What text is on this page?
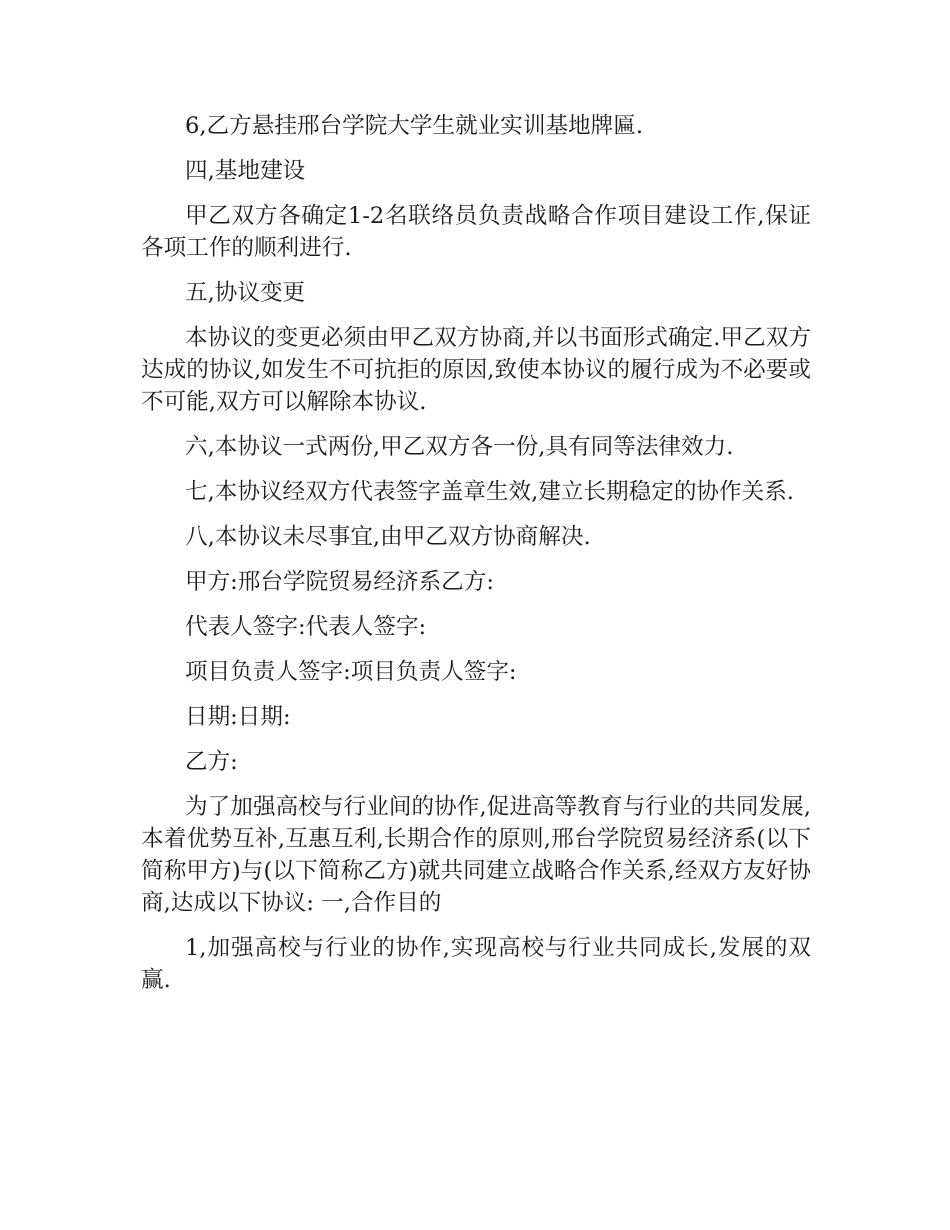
6,乙方悬挂邢台学院大学生就业实训基地牌匾.

四,基地建设

甲乙双方各确定1-2名联络员负责战略合作项目建设工作,保证各项工作的顺利进行.

五,协议变更

本协议的变更必须由甲乙双方协商,并以书面形式确定.甲乙双方达成的协议,如发生不可抗拒的原因,致使本协议的履行成为不必要或不可能,双方可以解除本协议.

六,本协议一式两份,甲乙双方各一份,具有同等法律效力.

七,本协议经双方代表签字盖章生效,建立长期稳定的协作关系.

八,本协议未尽事宜,由甲乙双方协商解决.

甲方:邢台学院贸易经济系乙方:

代表人签字:代表人签字:

项目负责人签字:项目负责人签字:

日期:日期:

乙方:

为了加强高校与行业间的协作,促进高等教育与行业的共同发展,本着优势互补,互惠互利,长期合作的原则,邢台学院贸易经济系(以下简称甲方)与(以下简称乙方)就共同建立战略合作关系,经双方友好协商,达成以下协议: 一,合作目的

1,加强高校与行业的协作,实现高校与行业共同成长,发展的双赢.
